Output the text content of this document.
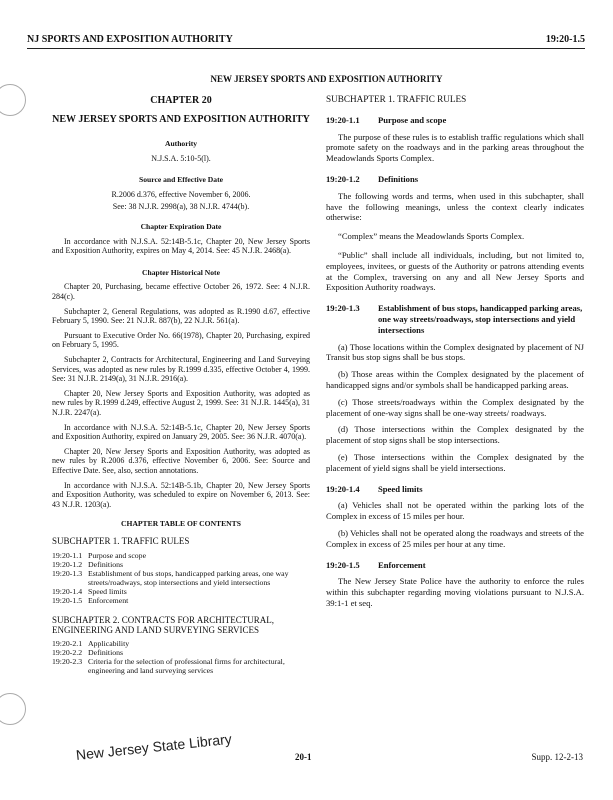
NJ SPORTS AND EXPOSITION AUTHORITY	19:20-1.5
NEW JERSEY SPORTS AND EXPOSITION AUTHORITY
CHAPTER 20
NEW JERSEY SPORTS AND EXPOSITION AUTHORITY
Authority
N.J.S.A. 5:10-5(l).
Source and Effective Date
R.2006 d.376, effective November 6, 2006.
See: 38 N.J.R. 2998(a), 38 N.J.R. 4744(b).
Chapter Expiration Date
In accordance with N.J.S.A. 52:14B-5.1c, Chapter 20, New Jersey Sports and Exposition Authority, expires on May 4, 2014. See: 45 N.J.R. 2468(a).
Chapter Historical Note
Chapter 20, Purchasing, became effective October 26, 1972. See: 4 N.J.R. 284(c).
Subchapter 2, General Regulations, was adopted as R.1990 d.67, effective February 5, 1990. See: 21 N.J.R. 887(b), 22 N.J.R. 561(a).
Pursuant to Executive Order No. 66(1978), Chapter 20, Purchasing, expired on February 5, 1995.
Subchapter 2, Contracts for Architectural, Engineering and Land Surveying Services, was adopted as new rules by R.1999 d.335, effective October 4, 1999. See: 31 N.J.R. 2149(a), 31 N.J.R. 2916(a).
Chapter 20, New Jersey Sports and Exposition Authority, was adopted as new rules by R.1999 d.249, effective August 2, 1999. See: 31 N.J.R. 1445(a), 31 N.J.R. 2247(a).
In accordance with N.J.S.A. 52:14B-5.1c, Chapter 20, New Jersey Sports and Exposition Authority, expired on January 29, 2005. See: 36 N.J.R. 4070(a).
Chapter 20, New Jersey Sports and Exposition Authority, was adopted as new rules by R.2006 d.376, effective November 6, 2006. See: Source and Effective Date. See, also, section annotations.
In accordance with N.J.S.A. 52:14B-5.1b, Chapter 20, New Jersey Sports and Exposition Authority, was scheduled to expire on November 6, 2013. See: 43 N.J.R. 1203(a).
CHAPTER TABLE OF CONTENTS
SUBCHAPTER 1. TRAFFIC RULES
19:20-1.1 Purpose and scope
19:20-1.2 Definitions
19:20-1.3 Establishment of bus stops, handicapped parking areas, one way streets/roadways, stop intersections and yield intersections
19:20-1.4 Speed limits
19:20-1.5 Enforcement
SUBCHAPTER 2. CONTRACTS FOR ARCHITECTURAL, ENGINEERING AND LAND SURVEYING SERVICES
19:20-2.1 Applicability
19:20-2.2 Definitions
19:20-2.3 Criteria for the selection of professional firms for architectural, engineering and land surveying services
SUBCHAPTER 1. TRAFFIC RULES
19:20-1.1	Purpose and scope
The purpose of these rules is to establish traffic regulations which shall promote safety on the roadways and in the parking areas throughout the Meadowlands Sports Complex.
19:20-1.2	Definitions
The following words and terms, when used in this subchapter, shall have the following meanings, unless the context clearly indicates otherwise:
“Complex” means the Meadowlands Sports Complex.
“Public” shall include all individuals, including, but not limited to, employees, invitees, or guests of the Authority or patrons attending events at the Complex, traversing on any and all New Jersey Sports and Exposition Authority roadways.
19:20-1.3	Establishment of bus stops, handicapped parking areas, one way streets/roadways, stop intersections and yield intersections
(a) Those locations within the Complex designated by placement of NJ Transit bus stop signs shall be bus stops.
(b) Those areas within the Complex designated by the placement of handicapped signs and/or symbols shall be handicapped parking areas.
(c) Those streets/roadways within the Complex designated by the placement of one-way signs shall be one-way streets/ roadways.
(d) Those intersections within the Complex designated by the placement of stop signs shall be stop intersections.
(e) Those intersections within the Complex designated by the placement of yield signs shall be yield intersections.
19:20-1.4	Speed limits
(a) Vehicles shall not be operated within the parking lots of the Complex in excess of 15 miles per hour.
(b) Vehicles shall not be operated along the roadways and streets of the Complex in excess of 25 miles per hour at any time.
19:20-1.5	Enforcement
The New Jersey State Police have the authority to enforce the rules within this subchapter regarding moving violations pursuant to N.J.S.A. 39:1-1 et seq.
New Jersey State Library	20-1	Supp. 12-2-13
